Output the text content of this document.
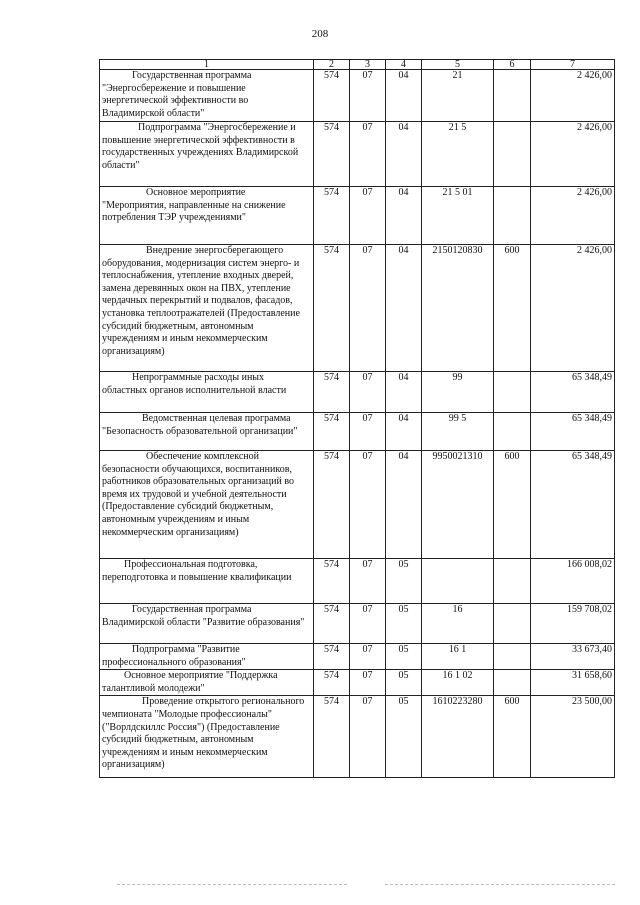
208
1	2	3	4	5	6	7
Государственная программа "Энергосбережение и повышение энергетической эффективности во Владимирской области"	574	07	04	21		2 426,00
Подпрограмма "Энергосбережение и повышение энергетической эффективности в государственных учреждениях Владимирской области"	574	07	04	21 5		2 426,00
Основное мероприятие "Мероприятия, направленные на снижение потребления ТЭР учреждениями"	574	07	04	21 5 01		2 426,00
Внедрение энергосберегающего оборудования, модернизация систем энерго- и теплоснабжения, утепление входных дверей, замена деревянных окон на ПВХ, утепление чердачных перекрытий и подвалов, фасадов, установка теплоотражателей (Предоставление субсидий бюджетным, автономным учреждениям и иным некоммерческим организациям)	574	07	04	2150120830	600	2 426,00
Непрограммные расходы иных областных органов исполнительной власти	574	07	04	99		65 348,49
Ведомственная целевая программа "Безопасность образовательной организации"	574	07	04	99 5		65 348,49
Обеспечение комплексной безопасности обучающихся, воспитанников, работников образовательных организаций во время их трудовой и учебной деятельности (Предоставление субсидий бюджетным, автономным учреждениям и иным некоммерческим организациям)	574	07	04	9950021310	600	65 348,49
Профессиональная подготовка, переподготовка и повышение квалификации	574	07	05			166 008,02
Государственная программа Владимирской области "Развитие образования"	574	07	05	16		159 708,02
Подпрограмма "Развитие профессионального образования"	574	07	05	16 1		33 673,40
Основное мероприятие "Поддержка талантливой молодежи"	574	07	05	16 1 02		31 658,60
Проведение открытого регионального чемпионата "Молодые профессионалы" ("Ворлдскиллс Россия") (Предоставление субсидий бюджетным, автономным учреждениям и иным некоммерческим организациям)	574	07	05	1610223280	600	23 500,00
